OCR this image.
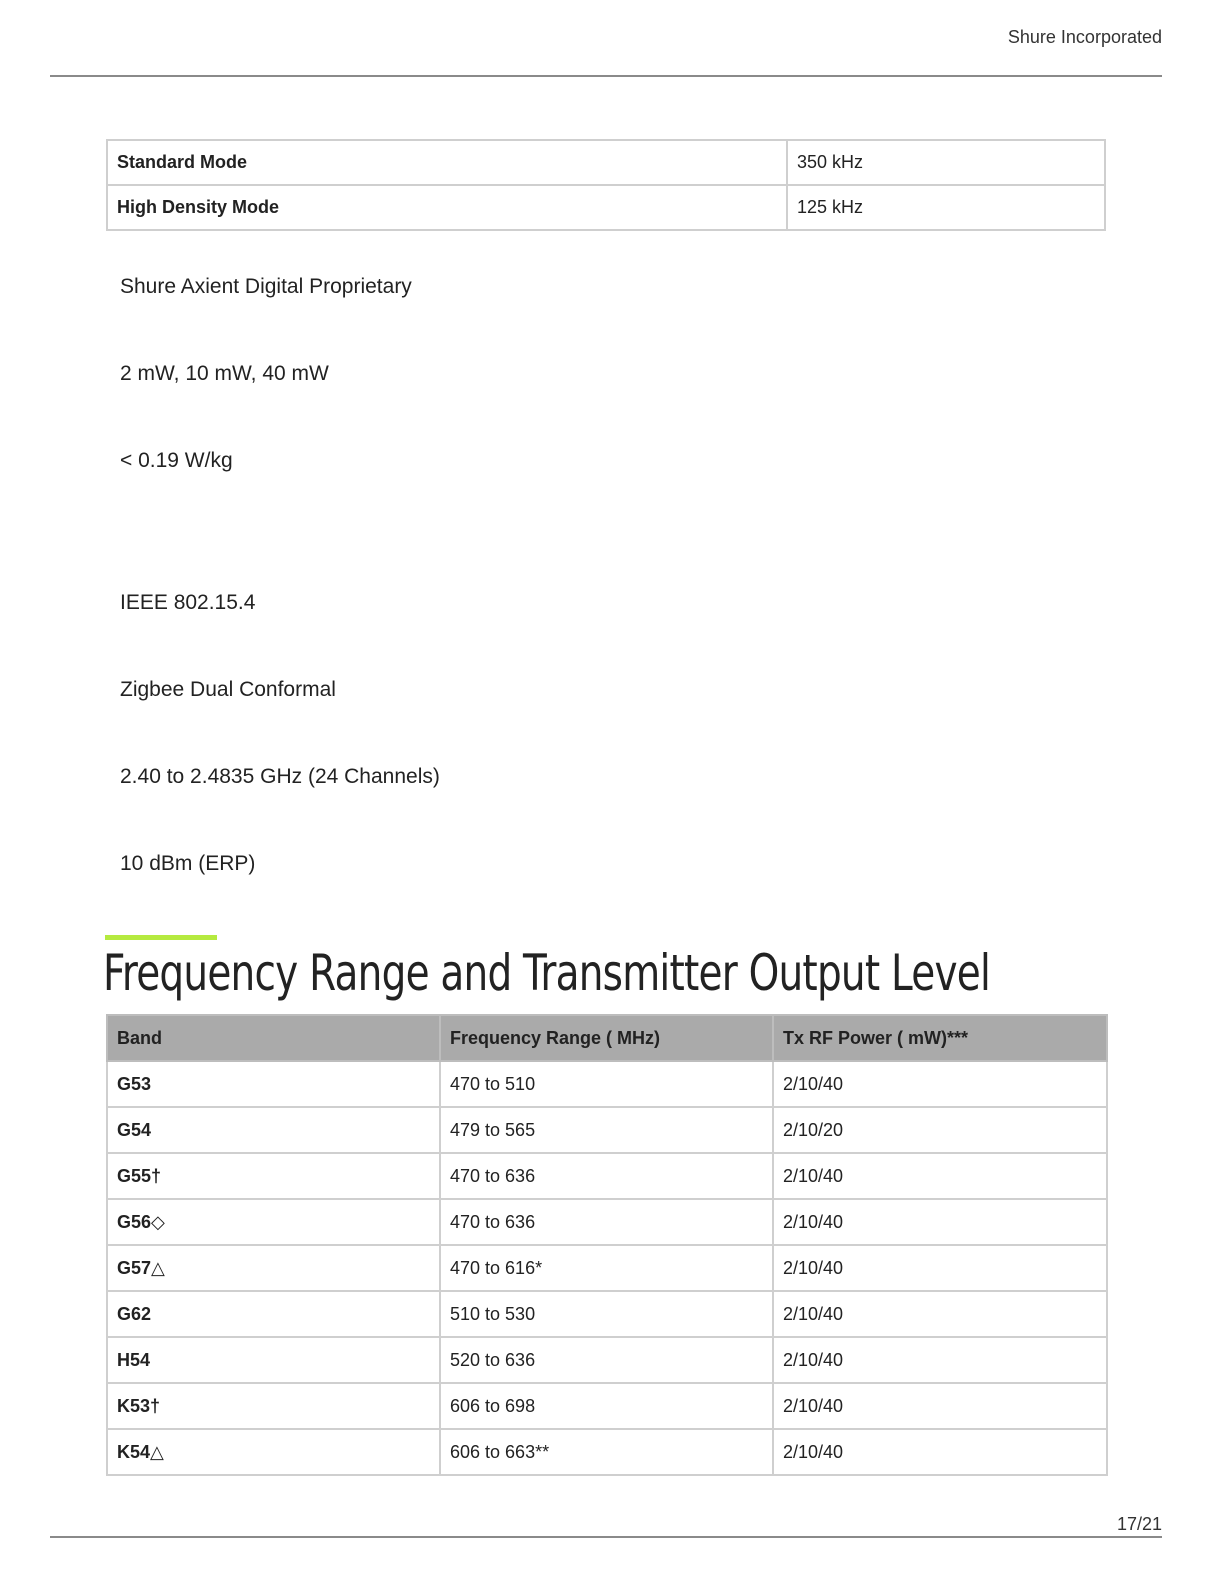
Shure Incorporated
Standard Mode	350 kHz
High Density Mode	125 kHz
Shure Axient Digital Proprietary
2 mW, 10 mW, 40 mW
< 0.19 W/kg
IEEE 802.15.4
Zigbee Dual Conformal
2.40 to 2.4835 GHz (24 Channels)
10 dBm (ERP)
Frequency Range and Transmitter Output Level
Band	Frequency Range ( MHz)	Tx RF Power ( mW)***
G53	470 to 510	2/10/40
G54	479 to 565	2/10/20
G55†	470 to 636	2/10/40
G56◇	470 to 636	2/10/40
G57△	470 to 616*	2/10/40
G62	510 to 530	2/10/40
H54	520 to 636	2/10/40
K53†	606 to 698	2/10/40
K54△	606 to 663**	2/10/40
17/21
